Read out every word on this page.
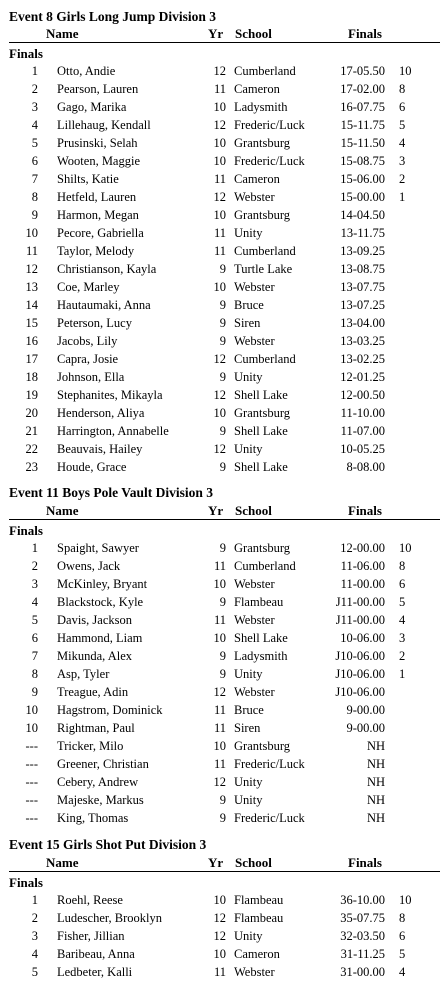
Event 8 Girls Long Jump Division 3
Name	Yr School	Finals
Finals
1 Otto, Andie	12 Cumberland	17-05.50 10
2 Pearson, Lauren	11 Cameron	17-02.00 8
3 Gago, Marika	10 Ladysmith	16-07.75 6
4 Lillehaug, Kendall	12 Frederic/Luck	15-11.75 5
5 Prusinski, Selah	10 Grantsburg	15-11.50 4
6 Wooten, Maggie	10 Frederic/Luck	15-08.75 3
7 Shilts, Katie	11 Cameron	15-06.00 2
8 Hetfeld, Lauren	12 Webster	15-00.00 1
9 Harmon, Megan	10 Grantsburg	14-04.50
10 Pecore, Gabriella	11 Unity	13-11.75
11 Taylor, Melody	11 Cumberland	13-09.25
12 Christianson, Kayla	9 Turtle Lake	13-08.75
13 Coe, Marley	10 Webster	13-07.75
14 Hautaumaki, Anna	9 Bruce	13-07.25
15 Peterson, Lucy	9 Siren	13-04.00
16 Jacobs, Lily	9 Webster	13-03.25
17 Capra, Josie	12 Cumberland	13-02.25
18 Johnson, Ella	9 Unity	12-01.25
19 Stephanites, Mikayla	12 Shell Lake	12-00.50
20 Henderson, Aliya	10 Grantsburg	11-10.00
21 Harrington, Annabelle	9 Shell Lake	11-07.00
22 Beauvais, Hailey	12 Unity	10-05.25
23 Houde, Grace	9 Shell Lake	8-08.00
Event 11 Boys Pole Vault Division 3
Name	Yr School	Finals
Finals
1 Spaight, Sawyer	9 Grantsburg	12-00.00 10
2 Owens, Jack	11 Cumberland	11-06.00 8
3 McKinley, Bryant	10 Webster	11-00.00 6
4 Blackstock, Kyle	9 Flambeau	J11-00.00 5
5 Davis, Jackson	11 Webster	J11-00.00 4
6 Hammond, Liam	10 Shell Lake	10-06.00 3
7 Mikunda, Alex	9 Ladysmith	J10-06.00 2
8 Asp, Tyler	9 Unity	J10-06.00 1
9 Treague, Adin	12 Webster	J10-06.00
10 Hagstrom, Dominick	11 Bruce	9-00.00
10 Rightman, Paul	11 Siren	9-00.00
--- Tricker, Milo	10 Grantsburg	NH
--- Greener, Christian	11 Frederic/Luck	NH
--- Cebery, Andrew	12 Unity	NH
--- Majeske, Markus	9 Unity	NH
--- King, Thomas	9 Frederic/Luck	NH
Event 15 Girls Shot Put Division 3
Name	Yr School	Finals
Finals
1 Roehl, Reese	10 Flambeau	36-10.00 10
2 Ludescher, Brooklyn	12 Flambeau	35-07.75 8
3 Fisher, Jillian	12 Unity	32-03.50 6
4 Baribeau, Anna	10 Cameron	31-11.25 5
5 Ledbeter, Kalli	11 Webster	31-00.00 4
